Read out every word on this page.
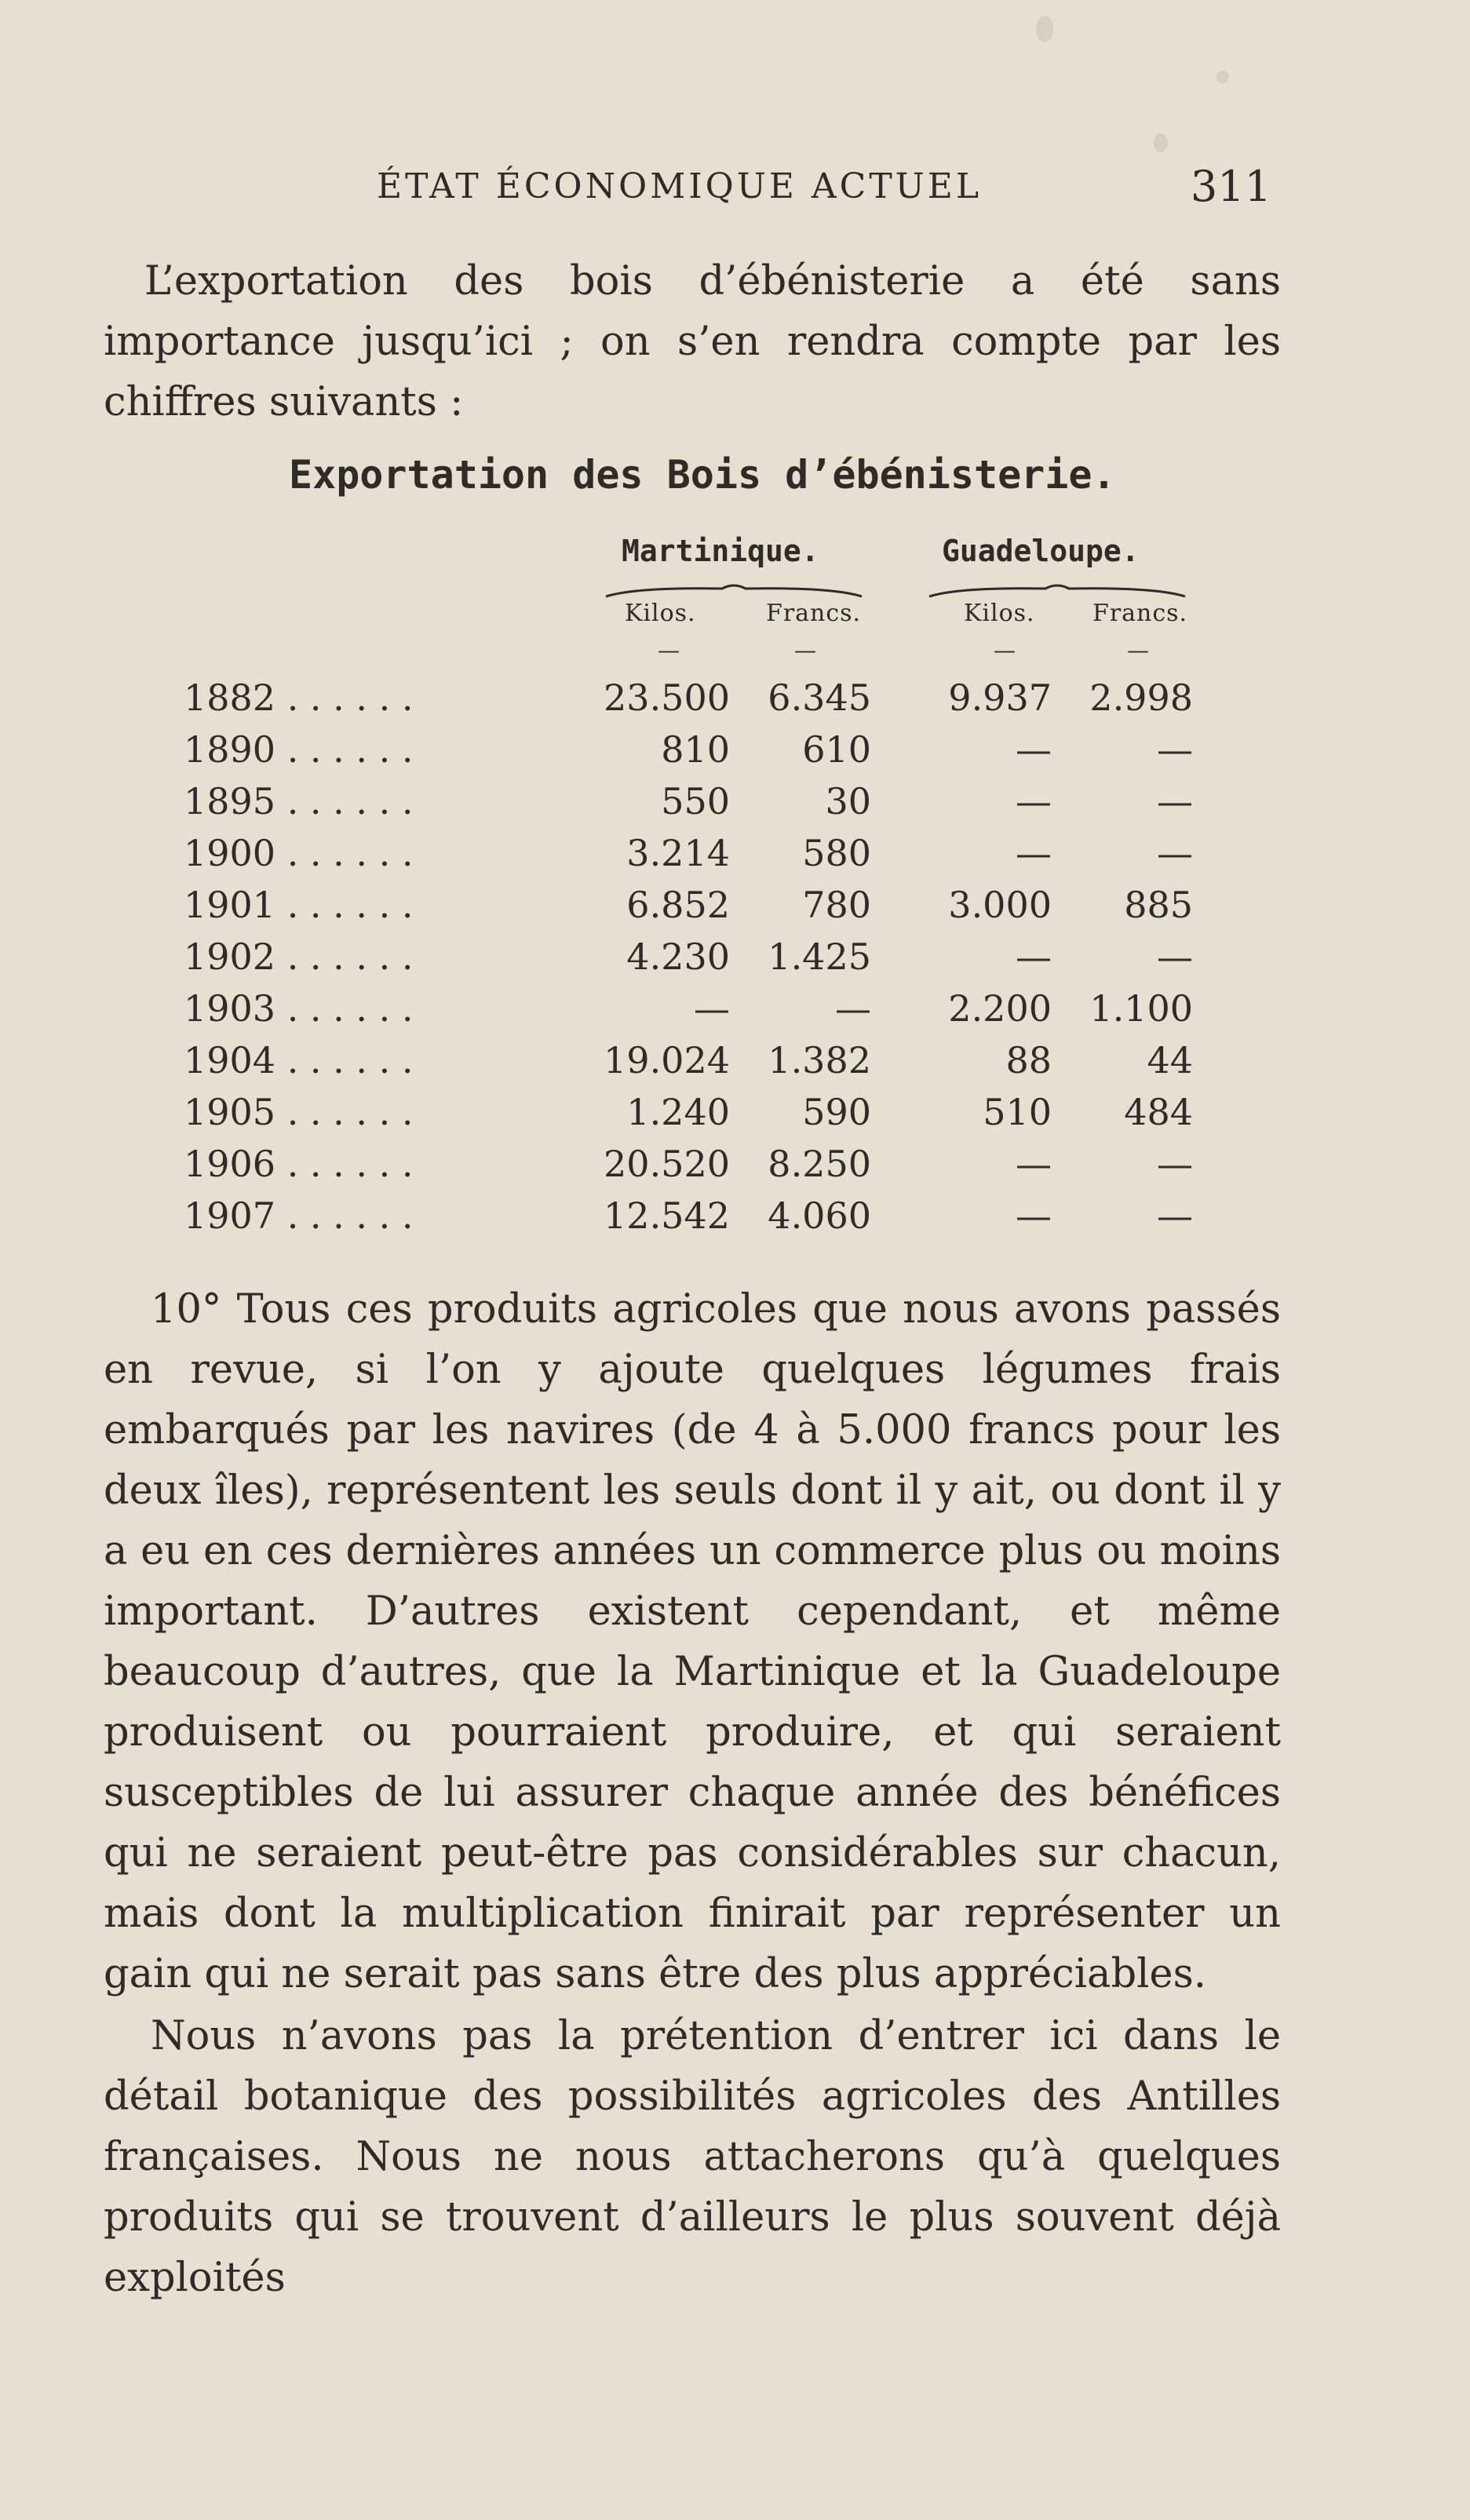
ÉTAT ÉCONOMIQUE ACTUEL	311

L’exportation des bois d’ébénisterie a été sans importance jusqu’ici ; on s’en rendra compte par les chiffres suivants :

Exportation des Bois d’ébénisterie.
Martinique.	Guadeloupe.
Kilos.	Francs.	Kilos. Francs.
—	—	—	—
1882 . . . . . .	23.500	6.345	9.937	2.998
1890 . . . . . .	810	610	—	—
1895 . . . . . .	550	30	—	—
1900 . . . . . .	3.214	580	—	—
1901 . . . . . .	6.852	780	3.000	885
1902 . . . . . .	4.230	1.425	—	—
1903 . . . . . .	—	—	2.200	1.100
1904 . . . . . .	19.024	1.382	88	44
1905 . . . . . .	1.240	590	510	484
1906 . . . . . .	20.520	8.250	—	—
1907 . . . . . .	12.542	4.060	—	—

10° Tous ces produits agricoles que nous avons passés en revue, si l’on y ajoute quelques légumes frais embarqués par les navires (de 4 à 5.000 francs pour les deux îles), représentent les seuls dont il y ait, ou dont il y a eu en ces dernières années un commerce plus ou moins important. D’autres existent cependant, et même beaucoup d’autres, que la Martinique et la Guadeloupe produisent ou pourraient produire, et qui seraient susceptibles de lui assurer chaque année des bénéfices qui ne seraient peut-être pas considérables sur chacun, mais dont la multiplication finirait par représenter un gain qui ne serait pas sans être des plus appréciables.

Nous n’avons pas la prétention d’entrer ici dans le détail botanique des possibilités agricoles des Antilles françaises. Nous ne nous attacherons qu’à quelques produits qui se trouvent d’ailleurs le plus souvent déjà exploités
